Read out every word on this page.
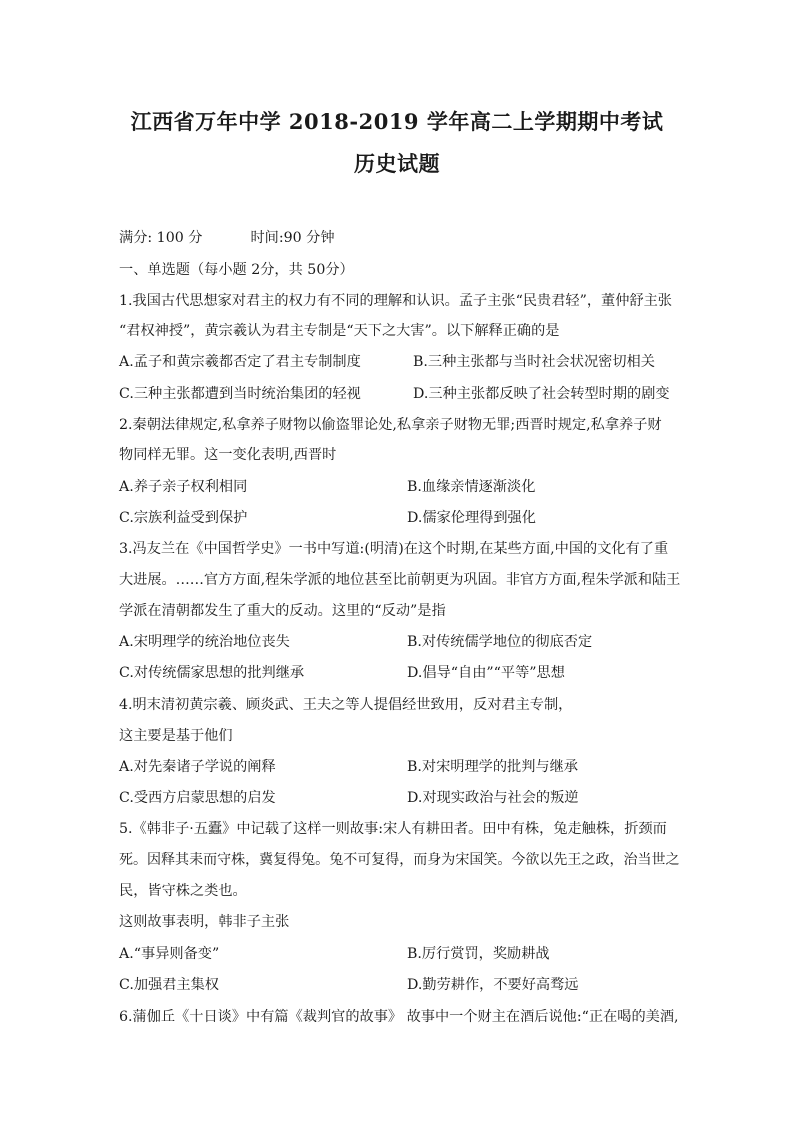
江西省万年中学 2018-2019 学年高二上学期期中考试
历史试题
满分: 100 分	时间:90 分钟
一、单选题（每小题 2分，共 50分）
1.我国古代思想家对君主的权力有不同的理解和认识。孟子主张“民贵君轻”，董仲舒主张
“君权神授”，黄宗羲认为君主专制是“天下之大害”。以下解释正确的是
A.孟子和黄宗羲都否定了君主专制制度	B.三种主张都与当时社会状况密切相关
C.三种主张都遭到当时统治集团的轻视	D.三种主张都反映了社会转型时期的剧变
2.秦朝法律规定,私拿养子财物以偷盗罪论处,私拿亲子财物无罪;西晋时规定,私拿养子财
物同样无罪。这一变化表明,西晋时
A.养子亲子权利相同	B.血缘亲情逐渐淡化
C.宗族利益受到保护	D.儒家伦理得到强化
3.冯友兰在《中国哲学史》一书中写道:(明清)在这个时期,在某些方面,中国的文化有了重
大进展。……官方方面,程朱学派的地位甚至比前朝更为巩固。非官方方面,程朱学派和陆王
学派在清朝都发生了重大的反动。这里的“反动”是指
A.宋明理学的统治地位丧失	B.对传统儒学地位的彻底否定
C.对传统儒家思想的批判继承	D.倡导“自由”“平等”思想
4.明末清初黄宗羲、顾炎武、王夫之等人提倡经世致用，反对君主专制，
这主要是基于他们
A.对先秦诸子学说的阐释	B.对宋明理学的批判与继承
C.受西方启蒙思想的启发	D.对现实政治与社会的叛逆
5.《韩非子·五蠹》中记载了这样一则故事:宋人有耕田者。田中有株，兔走触株，折颈而
死。因释其耒而守株，冀复得兔。兔不可复得，而身为宋国笑。今欲以先王之政，治当世之
民，皆守株之类也。
这则故事表明，韩非子主张
A.“事异则备变”	B.厉行赏罚，奖励耕战
C.加强君主集权	D.勤劳耕作，不要好高骛远
6.蒲伽丘《十日谈》中有篇《裁判官的故事》 故事中一个财主在酒后说他:“正在喝的美酒,
